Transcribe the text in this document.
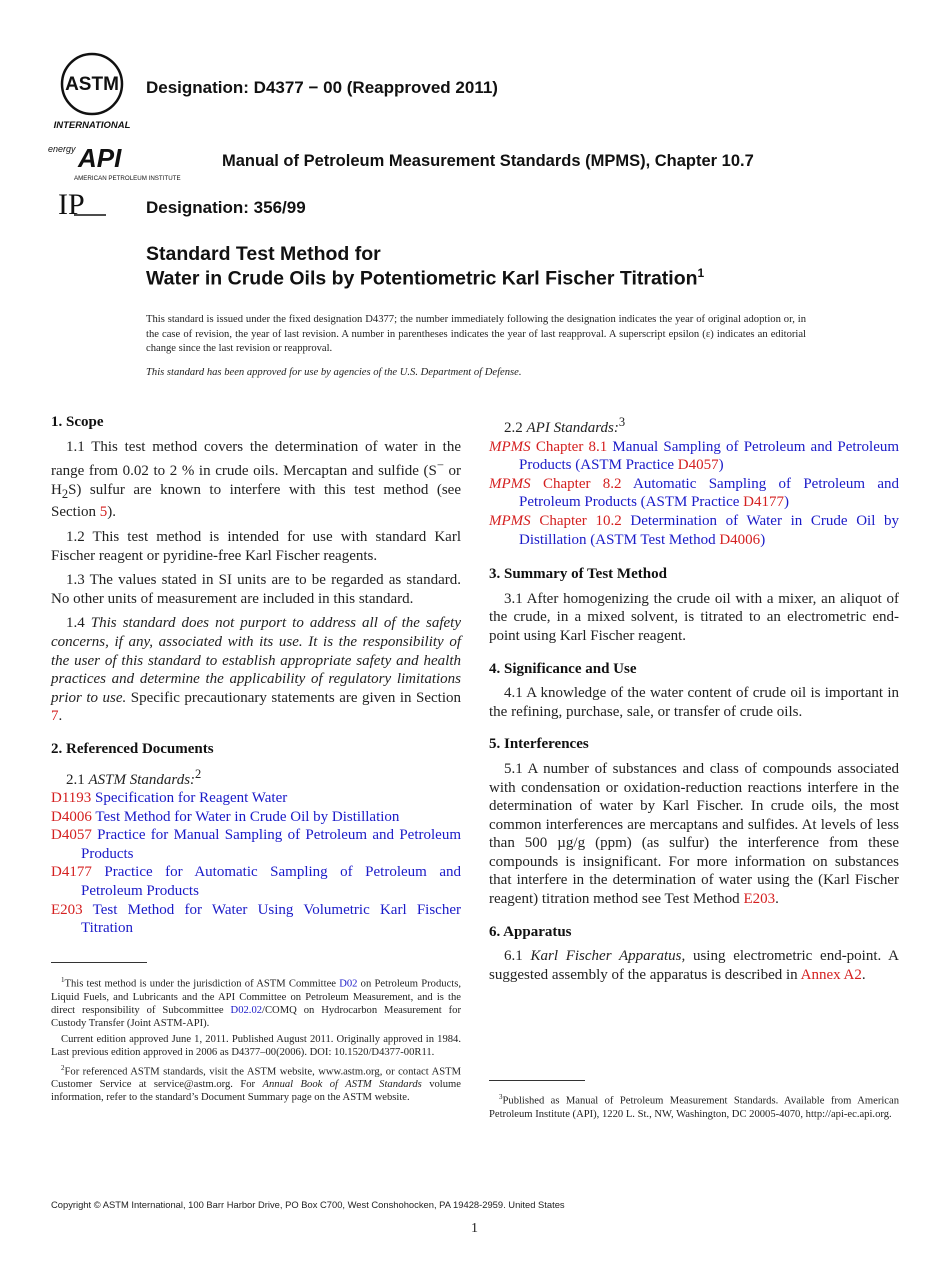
ASTM
INTERNATIONAL
Designation: D4377 − 00 (Reapproved 2011)
energy API
AMERICAN PETROLEUM INSTITUTE
Manual of Petroleum Measurement Standards (MPMS), Chapter 10.7
IP	Designation: 356/99
Standard Test Method for
Water in Crude Oils by Potentiometric Karl Fischer Titration$^1$
This standard is issued under the fixed designation D4377; the number immediately following the designation indicates the year of original adoption or, in the case of revision, the year of last revision. A number in parentheses indicates the year of last reapproval. A superscript epsilon (ε) indicates an editorial change since the last revision or reapproval.
This standard has been approved for use by agencies of the U.S. Department of Defense.
1. Scope

1.1 This test method covers the determination of water in the range from 0.02 to 2 % in crude oils. Mercaptan and sulfide (S− or $H_2S$) sulfur are known to interfere with this test method (see Section 5).

1.2 This test method is intended for use with standard Karl Fischer reagent or pyridine-free Karl Fischer reagents.

1.3 The values stated in SI units are to be regarded as standard. No other units of measurement are included in this standard.

1.4 This standard does not purport to address all of the safety concerns, if any, associated with its use. It is the responsibility of the user of this standard to establish appropriate safety and health practices and determine the applicability of regulatory limitations prior to use. Specific precautionary statements are given in Section 7.

2. Referenced Documents
2.1 ASTM Standards:$^2$
D1193 Specification for Reagent Water
D4006 Test Method for Water in Crude Oil by Distillation
D4057 Practice for Manual Sampling of Petroleum and Petroleum Products
D4177 Practice for Automatic Sampling of Petroleum and Petroleum Products
E203 Test Method for Water Using Volumetric Karl Fischer Titration

$^1$This test method is under the jurisdiction of ASTM Committee D02 on Petroleum Products, Liquid Fuels, and Lubricants and the API Committee on Petroleum Measurement, and is the direct responsibility of Subcommittee D02.02/COMQ on Hydrocarbon Measurement for Custody Transfer (Joint ASTM-API).

Current edition approved June 1, 2011. Published August 2011. Originally approved in 1984. Last previous edition approved in 2006 as D4377–00(2006). DOI: 10.1520/D4377-00R11.

$^2$For referenced ASTM standards, visit the ASTM website, www.astm.org, or contact ASTM Customer Service at service@astm.org. For Annual Book of ASTM Standards volume information, refer to the standard’s Document Summary page on the ASTM website.

2.2 API Standards:$^3$
MPMS Chapter 8.1 Manual Sampling of Petroleum and Petroleum Products (ASTM Practice D4057)
MPMS Chapter 8.2 Automatic Sampling of Petroleum and Petroleum Products (ASTM Practice D4177)
MPMS Chapter 10.2 Determination of Water in Crude Oil by Distillation (ASTM Test Method D4006)
3. Summary of Test Method

3.1 After homogenizing the crude oil with a mixer, an aliquot of the crude, in a mixed solvent, is titrated to an electrometric end-point using Karl Fischer reagent.

4. Significance and Use

4.1 A knowledge of the water content of crude oil is important in the refining, purchase, sale, or transfer of crude oils.

5. Interferences

5.1 A number of substances and class of compounds associated with condensation or oxidation-reduction reactions interfere in the determination of water by Karl Fischer. In crude oils, the most common interferences are mercaptans and sulfides. At levels of less than 500 µg/g (ppm) (as sulfur) the interference from these compounds is insignificant. For more information on substances that interfere in the determination of water using the (Karl Fischer reagent) titration method see Test Method E203.

6. Apparatus

6.1 Karl Fischer Apparatus, using electrometric end-point. A suggested assembly of the apparatus is described in Annex A2.

$^3$Published as Manual of Petroleum Measurement Standards. Available from American Petroleum Institute (API), 1220 L. St., NW, Washington, DC 20005-4070, http://api-ec.api.org.

Copyright © ASTM International, 100 Barr Harbor Drive, PO Box C700, West Conshohocken, PA 19428-2959. United States
1
